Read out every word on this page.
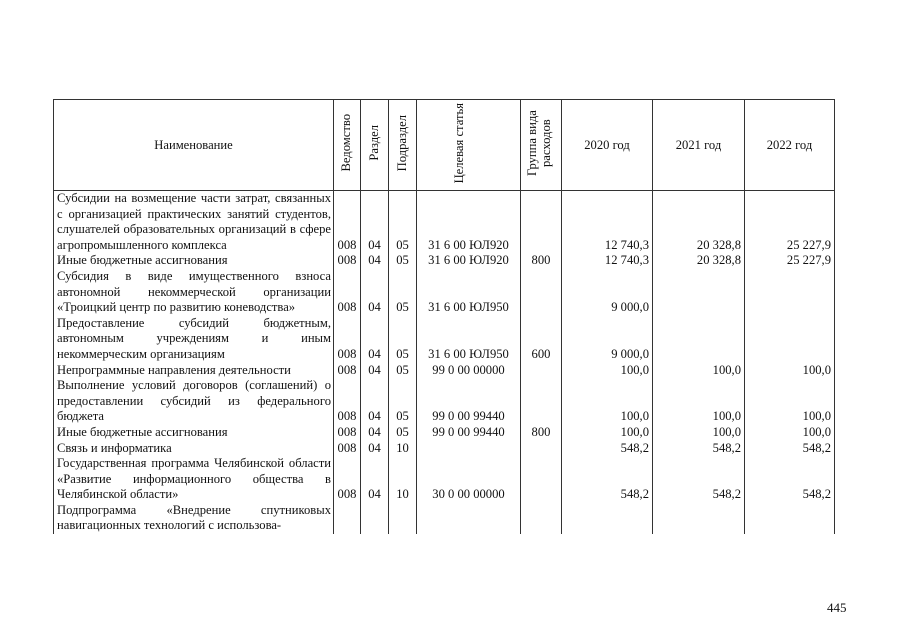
Наименование	Ведомство	Раздел	Подраздел	Целевая статья	Группа вида расходов	2020 год	2021 год	2022 год
Субсидии на возмещение части затрат, связанных с организацией практических занятий студентов, слушателей образовательных организаций в сфере агропромышленного комплекса	008	04	05	31 6 00 ЮЛ920		12 740,3	20 328,8	25 227,9
Иные бюджетные ассигнования	008	04	05	31 6 00 ЮЛ920	800	12 740,3	20 328,8	25 227,9
Субсидия в виде имущественного взноса автономной некоммерческой организации «Троицкий центр по развитию коневодства»	008	04	05	31 6 00 ЮЛ950		9 000,0		
Предоставление субсидий бюджетным, автономным учреждениям и иным некоммерческим организациям	008	04	05	31 6 00 ЮЛ950	600	9 000,0		
Непрограммные направления деятельности	008	04	05	99 0 00 00000		100,0	100,0	100,0
Выполнение условий договоров (соглашений) о предоставлении субсидий из федерального бюджета	008	04	05	99 0 00 99440		100,0	100,0	100,0
Иные бюджетные ассигнования	008	04	05	99 0 00 99440	800	100,0	100,0	100,0
Связь и информатика	008	04	10			548,2	548,2	548,2
Государственная программа Челябинской области «Развитие информационного общества в Челябинской области»	008	04	10	30 0 00 00000		548,2	548,2	548,2
Подпрограмма «Внедрение спутниковых навигационных технологий с использова-								
445
